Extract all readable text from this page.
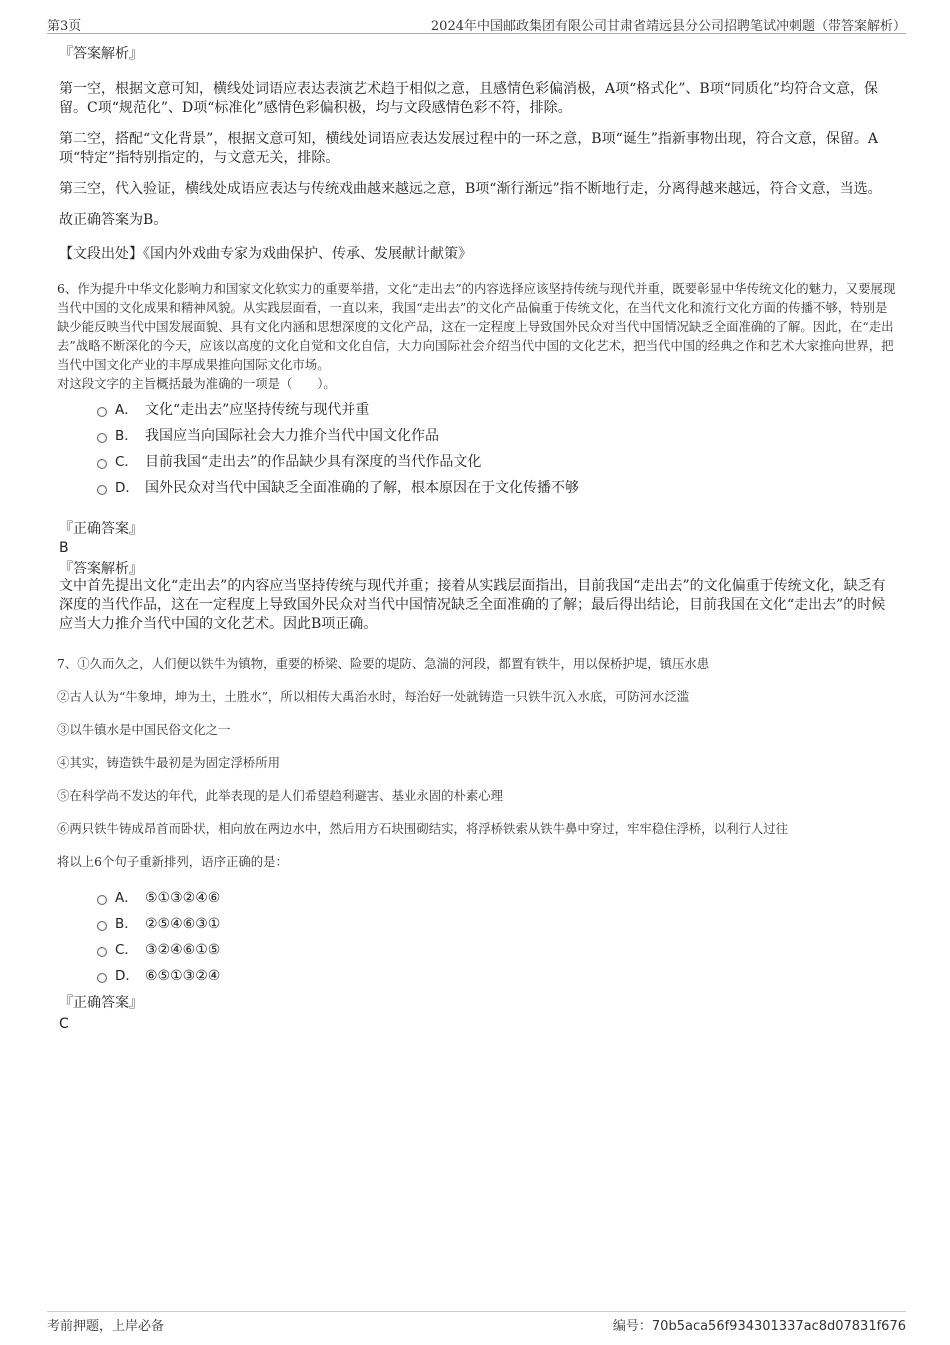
第3页	2024年中国邮政集团有限公司甘肃省靖远县分公司招聘笔试冲刺题（带答案解析）
『答案解析』

第一空，根据文意可知，横线处词语应表达表演艺术趋于相似之意，且感情色彩偏消极，A项“格式化”、B项“同质化”均符合文意，保留。C项“规范化”、D项“标准化”感情色彩偏积极，均与文段感情色彩不符，排除。

第二空，搭配“文化背景”，根据文意可知，横线处词语应表达发展过程中的一环之意，B项“诞生”指新事物出现，符合文意，保留。A项“特定”指特别指定的，与文意无关，排除。

第三空，代入验证，横线处成语应表达与传统戏曲越来越远之意，B项“渐行渐远”指不断地行走，分离得越来越远，符合文意，当选。

故正确答案为B。

【文段出处】《国内外戏曲专家为戏曲保护、传承、发展献计献策》

6、作为提升中华文化影响力和国家文化软实力的重要举措，文化“走出去”的内容选择应该坚持传统与现代并重，既要彰显中华传统文化的魅力，又要展现当代中国的文化成果和精神风貌。从实践层面看，一直以来，我国“走出去”的文化产品偏重于传统文化，在当代文化和流行文化方面的传播不够，特别是缺少能反映当代中国发展面貌、具有文化内涵和思想深度的文化产品，这在一定程度上导致国外民众对当代中国情况缺乏全面准确的了解。因此，在“走出去”战略不断深化的今天，应该以高度的文化自觉和文化自信，大力向国际社会介绍当代中国的文化艺术，把当代中国的经典之作和艺术大家推向世界，把当代中国文化产业的丰厚成果推向国际文化市场。

对这段文字的主旨概括最为准确的一项是（　　）。

A． 文化“走出去”应坚持传统与现代并重
B． 我国应当向国际社会大力推介当代中国文化作品
C． 目前我国“走出去”的作品缺少具有深度的当代作品文化
D． 国外民众对当代中国缺乏全面准确的了解，根本原因在于文化传播不够
『正确答案』
B
『答案解析』

文中首先提出文化“走出去”的内容应当坚持传统与现代并重；接着从实践层面指出，目前我国“走出去”的文化偏重于传统文化，缺乏有深度的当代作品，这在一定程度上导致国外民众对当代中国情况缺乏全面准确的了解；最后得出结论，目前我国在文化“走出去”的时候应当大力推介当代中国的文化艺术。因此B项正确。

7、①久而久之，人们便以铁牛为镇物，重要的桥梁、险要的堤防、急湍的河段，都置有铁牛，用以保桥护堤，镇压水患

②古人认为“牛象坤，坤为土，土胜水”，所以相传大禹治水时，每治好一处就铸造一只铁牛沉入水底，可防河水泛滥

③以牛镇水是中国民俗文化之一

④其实，铸造铁牛最初是为固定浮桥所用

⑤在科学尚不发达的年代，此举表现的是人们希望趋利避害、基业永固的朴素心理

⑥两只铁牛铸成昂首而卧状，相向放在两边水中，然后用方石块围砌结实，将浮桥铁索从铁牛鼻中穿过，牢牢稳住浮桥，以利行人过往

将以上6个句子重新排列，语序正确的是：

A． ⑤①③②④⑥
B． ②⑤④⑥③①
C． ③②④⑥①⑤
D． ⑥⑤①③②④
『正确答案』
C
考前押题，上岸必备	编号：70b5aca56f934301337ac8d07831f676
